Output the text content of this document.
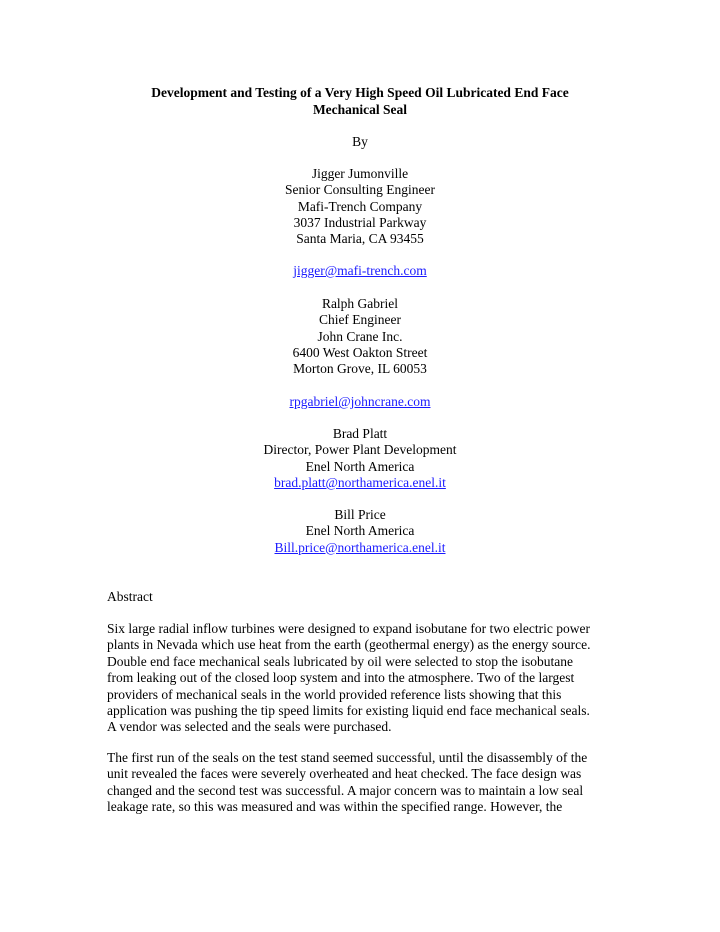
Development and Testing of a Very High Speed Oil Lubricated End Face
Mechanical Seal
By
Jigger Jumonville
Senior Consulting Engineer
Mafi-Trench Company
3037 Industrial Parkway
Santa Maria, CA 93455
jigger@mafi-trench.com
Ralph Gabriel
Chief Engineer
John Crane Inc.
6400 West Oakton Street
Morton Grove, IL 60053
rpgabriel@johncrane.com
Brad Platt
Director, Power Plant Development
Enel North America
brad.platt@northamerica.enel.it
Bill Price
Enel North America
Bill.price@northamerica.enel.it
Abstract
Six large radial inflow turbines were designed to expand isobutane for two electric power
plants in Nevada which use heat from the earth (geothermal energy) as the energy source.
Double end face mechanical seals lubricated by oil were selected to stop the isobutane
from leaking out of the closed loop system and into the atmosphere. Two of the largest
providers of mechanical seals in the world provided reference lists showing that this
application was pushing the tip speed limits for existing liquid end face mechanical seals.
A vendor was selected and the seals were purchased.
The first run of the seals on the test stand seemed successful, until the disassembly of the
unit revealed the faces were severely overheated and heat checked. The face design was
changed and the second test was successful. A major concern was to maintain a low seal
leakage rate, so this was measured and was within the specified range. However, the
